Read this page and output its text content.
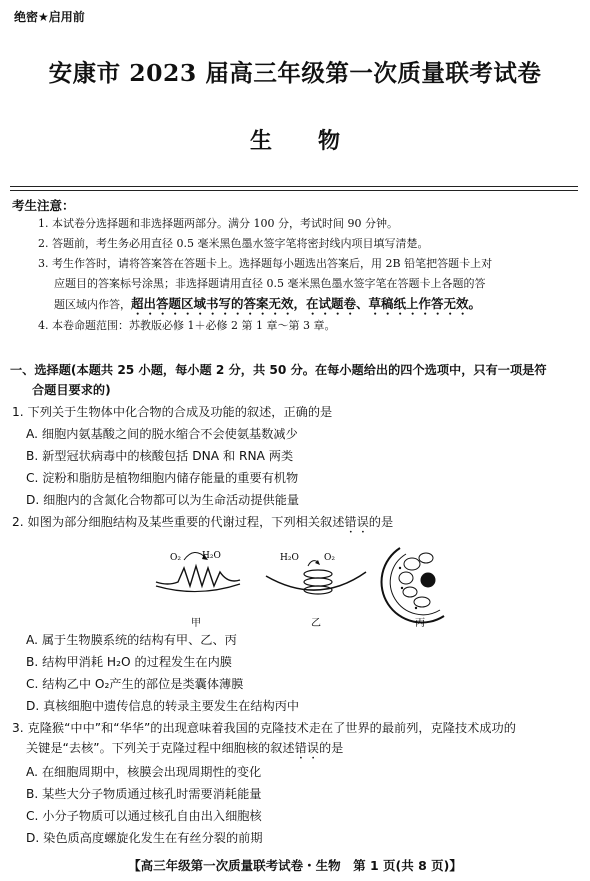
绝密★启用前
安康市 2023 届高三年级第一次质量联考试卷
生物
考生注意：
1. 本试卷分选择题和非选择题两部分。满分 100 分，考试时间 90 分钟。
2. 答题前，考生务必用直径 0.5 毫米黑色墨水签字笔将密封线内项目填写清楚。
3. 考生作答时，请将答案答在答题卡上。选择题每小题选出答案后，用 2B 铅笔把答题卡上对
应题目的答案标号涂黑；非选择题请用直径 0.5 毫米黑色墨水签字笔在答题卡上各题的答
题区域内作答，超出答题区域书写的答案无效，在试题卷、草稿纸上作答无效。
4. 本卷命题范围：苏教版必修 1＋必修 2 第 1 章～第 3 章。
一、选择题(本题共 25 小题，每小题 2 分，共 50 分。在每小题给出的四个选项中，只有一项是符
合题目要求的)
1. 下列关于生物体中化合物的合成及功能的叙述，正确的是
A. 细胞内氨基酸之间的脱水缩合不会使氨基数减少
B. 新型冠状病毒中的核酸包括 DNA 和 RNA 两类
C. 淀粉和脂肪是植物细胞内储存能量的重要有机物
D. 细胞内的含氮化合物都可以为生命活动提供能量
2. 如图为部分细胞结构及某些重要的代谢过程，下列相关叙述错误的是
O₂ H₂O	H₂O	O₂
甲	乙	丙
A. 属于生物膜系统的结构有甲、乙、丙
B. 结构甲消耗 H₂O 的过程发生在内膜
C. 结构乙中 O₂产生的部位是类囊体薄膜
D. 真核细胞中遗传信息的转录主要发生在结构丙中
3. 克隆猴“中中”和“华华”的出现意味着我国的克隆技术走在了世界的最前列，克隆技术成功的
关键是“去核”。下列关于克隆过程中细胞核的叙述错误的是
A. 在细胞周期中，核膜会出现周期性的变化
B. 某些大分子物质通过核孔时需要消耗能量
C. 小分子物质可以通过核孔自由出入细胞核
D. 染色质高度螺旋化发生在有丝分裂的前期
【高三年级第一次质量联考试卷・生物　第 1 页(共 8 页)】
